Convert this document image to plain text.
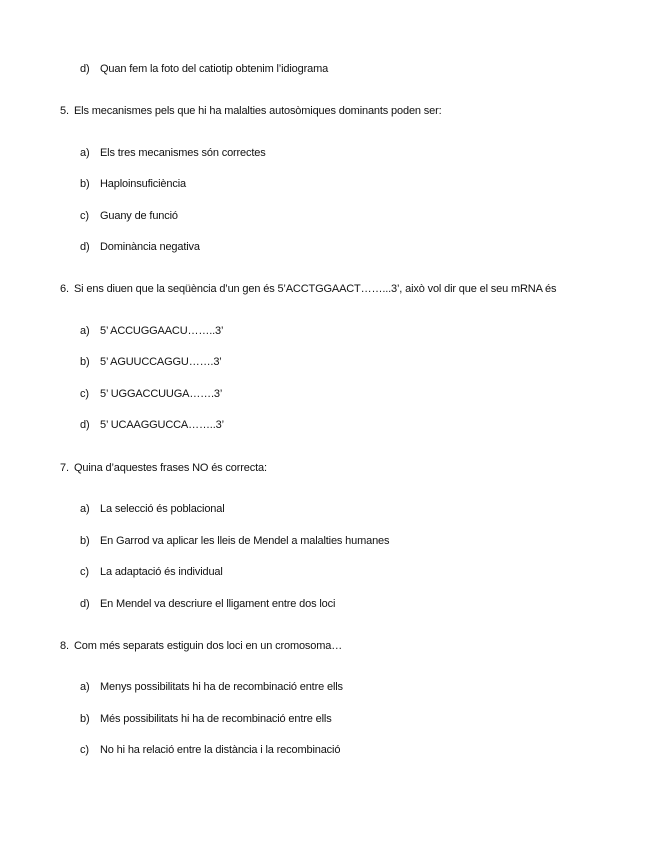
d) Quan fem la foto del catiotip obtenim l’idiograma
5. Els mecanismes pels que hi ha malalties autosòmiques dominants poden ser:
a) Els tres mecanismes són correctes
b) Haploinsuficiència
c) Guany de funció
d) Dominància negativa
6. Si ens diuen que la seqüència d’un gen és 5’ACCTGGAACT……...3’, això vol dir que el seu mRNA és
a) 5’ ACCUGGAACU……..3’
b) 5’ AGUUCCAGGU…….3’
c) 5’ UGGACCUUGA…….3’
d) 5’ UCAAGGUCCA……..3’
7. Quina d’aquestes frases NO és correcta:
a) La selecció és poblacional
b) En Garrod va aplicar les lleis de Mendel a malalties humanes
c) La adaptació és individual
d) En Mendel va descriure el lligament entre dos loci
8. Com més separats estiguin dos loci en un cromosoma…
a) Menys possibilitats hi ha de recombinació entre ells
b) Més possibilitats hi ha de recombinació entre ells
c) No hi ha relació entre la distància i la recombinació
